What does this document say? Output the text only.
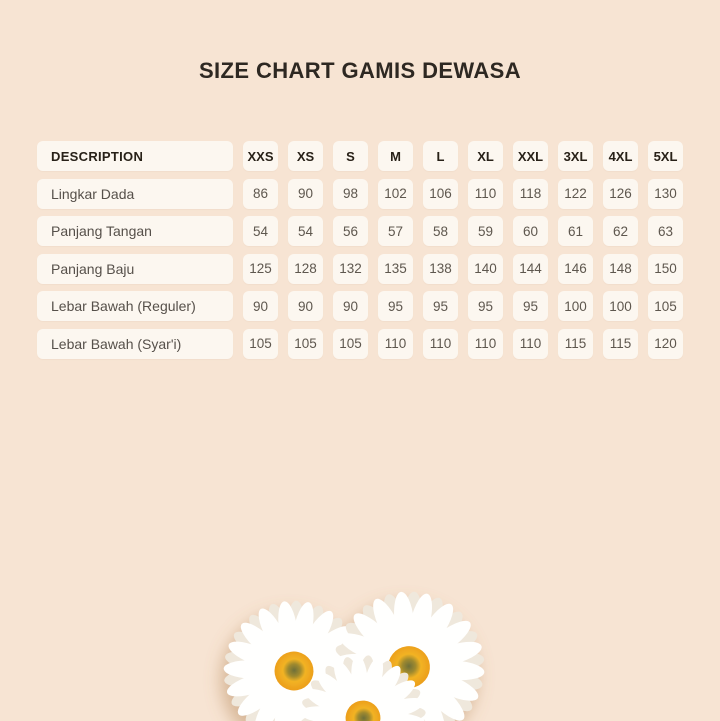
SIZE CHART GAMIS DEWASA
DESCRIPTION	XXS	XS	S	M	L	XL	XXL	3XL	4XL	5XL
Lingkar Dada	86	90	98	102	106	110	118	122	126	130
Panjang Tangan	54	54	56	57	58	59	60	61	62	63
Panjang Baju	125	128	132	135	138	140	144	146	148	150
Lebar Bawah (Reguler)	90	90	90	95	95	95	95	100	100	105
Lebar Bawah (Syar'i)	105	105	105	110	110	110	110	115	115	120
